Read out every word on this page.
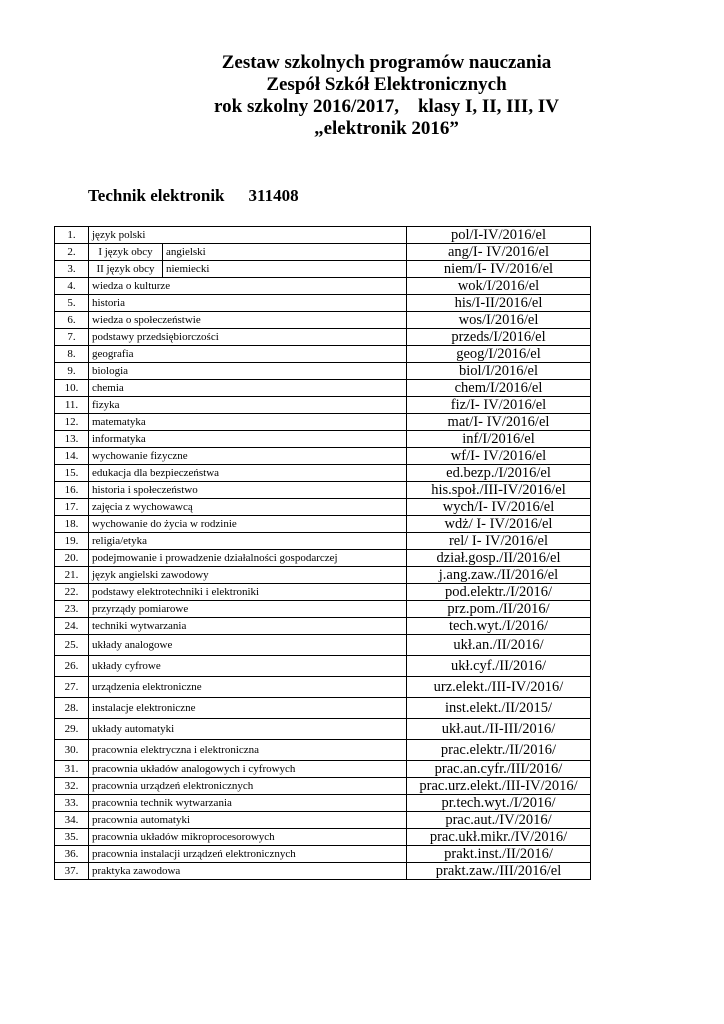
Zestaw szkolnych programów nauczania
Zespół Szkół Elektronicznych
rok szkolny 2016/2017,    klasy I, II, III, IV
„elektronik 2016”
Technik elektronik 311408
1.	język polski		pol/I-IV/2016/el
2.	I język obcy	angielski	ang/I- IV/2016/el
3.	II język obcy	niemiecki	niem/I- IV/2016/el
4.	wiedza o kulturze		wok/I/2016/el
5.	historia		his/I-II/2016/el
6.	wiedza o społeczeństwie		wos/I/2016/el
7.	podstawy przedsiębiorczości		przeds/I/2016/el
8.	geografia		geog/I/2016/el
9.	biologia		biol/I/2016/el
10.	chemia		chem/I/2016/el
11.	fizyka		fiz/I- IV/2016/el
12.	matematyka		mat/I- IV/2016/el
13.	informatyka		inf/I/2016/el
14.	wychowanie fizyczne		wf/I- IV/2016/el
15.	edukacja dla bezpieczeństwa		ed.bezp./I/2016/el
16.	historia i społeczeństwo		his.społ./III-IV/2016/el
17.	zajęcia z wychowawcą		wych/I- IV/2016/el
18.	wychowanie do życia w rodzinie		wdż/ I- IV/2016/el
19.	religia/etyka		rel/ I- IV/2016/el
20.	podejmowanie i prowadzenie działalności gospodarczej		dział.gosp./II/2016/el
21.	język angielski zawodowy		j.ang.zaw./II/2016/el
22.	podstawy elektrotechniki i elektroniki		pod.elektr./I/2016/
23.	przyrządy pomiarowe		prz.pom./II/2016/
24.	techniki wytwarzania		tech.wyt./I/2016/
25.	układy analogowe		ukł.an./II/2016/
26.	układy cyfrowe		ukł.cyf./II/2016/
27.	urządzenia elektroniczne		urz.elekt./III-IV/2016/
28.	instalacje elektroniczne		inst.elekt./II/2015/
29.	układy automatyki		ukł.aut./II-III/2016/
30.	pracownia elektryczna i elektroniczna		prac.elektr./II/2016/
31.	pracownia układów analogowych i cyfrowych		prac.an.cyfr./III/2016/
32.	pracownia urządzeń elektronicznych		prac.urz.elekt./III-IV/2016/
33.	pracownia technik wytwarzania		pr.tech.wyt./I/2016/
34.	pracownia automatyki		prac.aut./IV/2016/
35.	pracownia układów mikroprocesorowych		prac.ukł.mikr./IV/2016/
36.	pracownia instalacji urządzeń elektronicznych		prakt.inst./II/2016/
37.	praktyka zawodowa		prakt.zaw./III/2016/el
